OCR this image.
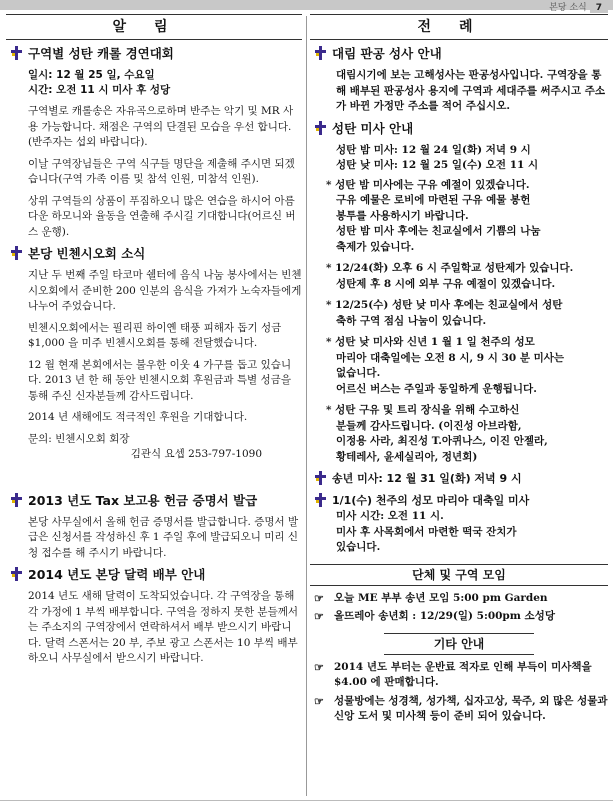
본당 소식 7
알림
구역별 성탄 캐롤 경연대회
일시: 12 월 25 일, 수요일
시간: 오전 11 시 미사 후 성당

구역별로 캐롤송은 자유곡으로하며 반주는 악기 및 MR 사용 가능합니다. 채점은 구역의 단결된 모습을 우선 합니다. (반주자는 섭외 바랍니다).

이날 구역장님들은 구역 식구들 명단을 제출해 주시면 되겠습니다(구역 가족 이름 및 참석 인원, 미참석 인원).

상위 구역들의 상품이 푸짐하오니 많은 연습을 하시어 아름다운 하모니와 율동을 연출해 주시길 기대합니다(어르신 버스 운행).

본당 빈첸시오회 소식

지난 두 번째 주일 타코마 쉘터에 음식 나눔 봉사에서는 빈첸시오회에서 준비한 200 인분의 음식을 가져가 노숙자들에게 나누어 주었습니다.

빈첸시오회에서는 필리핀 하이옌 태풍 피해자 돕기 성금 $1,000 을 미주 빈첸시오회를 통해 전달했습니다.

12 월 현재 본회에서는 불우한 이웃 4 가구를 돕고 있습니다. 2013 년 한 해 동안 빈첸시오회 후원금과 특별 성금을 통해 주신 신자분들께 감사드립니다.

2014 년 새해에도 적극적인 후원을 기대합니다.

문의: 빈첸시오회 회장

김관식 요셉 253-797-1090

2013 년도 Tax 보고용 헌금 증명서 발급

본당 사무실에서 올해 헌금 증명서를 발급합니다. 증명서 발급은 신청서를 작성하신 후 1 주일 후에 발급되오니 미리 신청 접수를 해 주시기 바랍니다.

2014 년도 본당 달력 배부 안내

2014 년도 새해 달력이 도착되었습니다. 각 구역장을 통해 각 가정에 1 부씩 배부합니다. 구역을 정하지 못한 분들께서는 주소지의 구역장에서 연락하셔서 배부 받으시기 바랍니다. 달력 스폰서는 20 부, 주보 광고 스폰서는 10 부씩 배부하오니 사무실에서 받으시기 바랍니다.

전례
대림 판공 성사 안내

대림시기에 보는 고해성사는 판공성사입니다. 구역장을 통해 배부된 판공성사 용지에 구역과 세대주를 써주시고 주소가 바뀐 가정만 주소를 적어 주십시오.

성탄 미사 안내

성탄 밤 미사: 12 월 24 일(화) 저녁 9 시

성탄 낮 미사: 12 월 25 일(수) 오전 11 시

* 성탄 밤 미사에는 구유 예절이 있겠습니다.
구유 예물은 로비에 마련된 구유 예물 봉헌
봉투를 사용하시기 바랍니다.
성탄 밤 미사 후에는 친교실에서 기쁨의 나눔
축제가 있습니다.
* 12/24(화) 오후 6 시 주일학교 성탄제가 있습니다.
성탄제 후 8 시에 외부 구유 예절이 있겠습니다.
* 12/25(수) 성탄 낮 미사 후에는 친교실에서 성탄
축하 구역 점심 나눔이 있습니다.
* 성탄 낮 미사와 신년 1 월 1 일 천주의 성모
마리아 대축일에는 오전 8 시, 9 시 30 분 미사는
없습니다.
어르신 버스는 주일과 동일하게 운행됩니다.
* 성탄 구유 및 트리 장식을 위해 수고하신
분들께 감사드립니다. (이진성 아브라함,
이정용 사라, 최진성 T.아퀴나스, 이진 안젤라,
황테레사, 윤세실리아, 정년회)
송년 미사: 12 월 31 일(화) 저녁 9 시
1/1(수) 천주의 성모 마리아 대축일 미사

미사 시간: 오전 11 시.

미사 후 사목회에서 마련한 떡국 잔치가

있습니다.

단체 및 구역 모임
☞ 오늘 ME 부부 송년 모임 5:00 pm Garden
☞ 올뜨레아 송년회 : 12/29(일) 5:00pm 소성당
기타 안내
☞ 2014 년도 부터는 운반료 적자로 인해 부득이 미사책을 $4.00 에 판매합니다.
☞ 성물방에는 성경책, 성가책, 십자고상, 묵주, 외 많은 성물과 신앙 도서 및 미사책 등이 준비 되어 있습니다.
